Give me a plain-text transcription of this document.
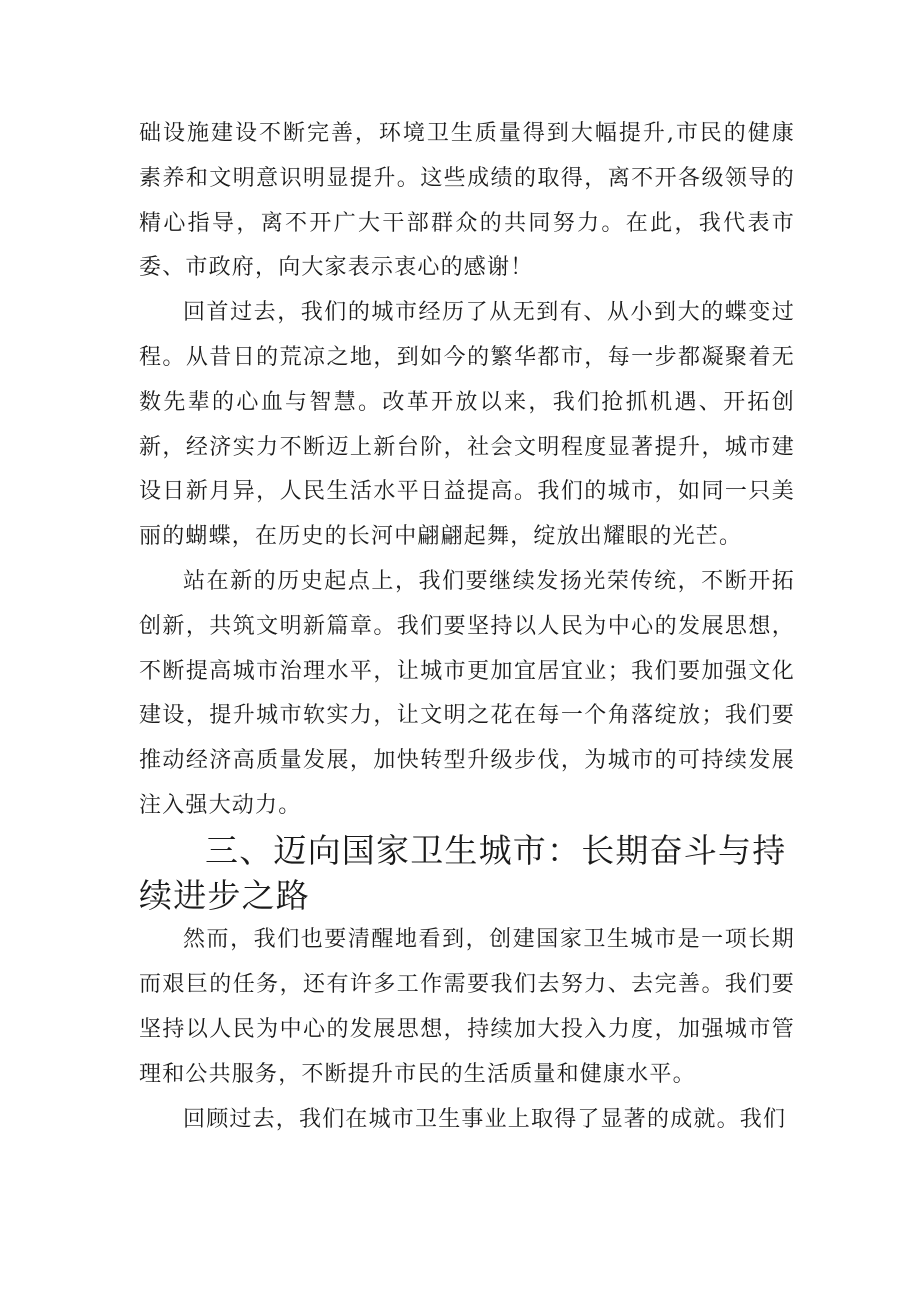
础设施建设不断完善，环境卫生质量得到大幅提升,市民的健康素养和文明意识明显提升。这些成绩的取得，离不开各级领导的精心指导，离不开广大干部群众的共同努力。在此，我代表市委、市政府，向大家表示衷心的感谢！

回首过去，我们的城市经历了从无到有、从小到大的蝶变过程。从昔日的荒凉之地，到如今的繁华都市，每一步都凝聚着无数先辈的心血与智慧。改革开放以来，我们抢抓机遇、开拓创新，经济实力不断迈上新台阶，社会文明程度显著提升，城市建设日新月异，人民生活水平日益提高。我们的城市，如同一只美丽的蝴蝶，在历史的长河中翩翩起舞，绽放出耀眼的光芒。

站在新的历史起点上，我们要继续发扬光荣传统，不断开拓创新，共筑文明新篇章。我们要坚持以人民为中心的发展思想，不断提高城市治理水平，让城市更加宜居宜业；我们要加强文化建设，提升城市软实力，让文明之花在每一个角落绽放；我们要推动经济高质量发展，加快转型升级步伐，为城市的可持续发展注入强大动力。

三、迈向国家卫生城市：长期奋斗与持续进步之路

然而，我们也要清醒地看到，创建国家卫生城市是一项长期而艰巨的任务，还有许多工作需要我们去努力、去完善。我们要坚持以人民为中心的发展思想，持续加大投入力度，加强城市管理和公共服务，不断提升市民的生活质量和健康水平。

回顾过去，我们在城市卫生事业上取得了显著的成就。我们
